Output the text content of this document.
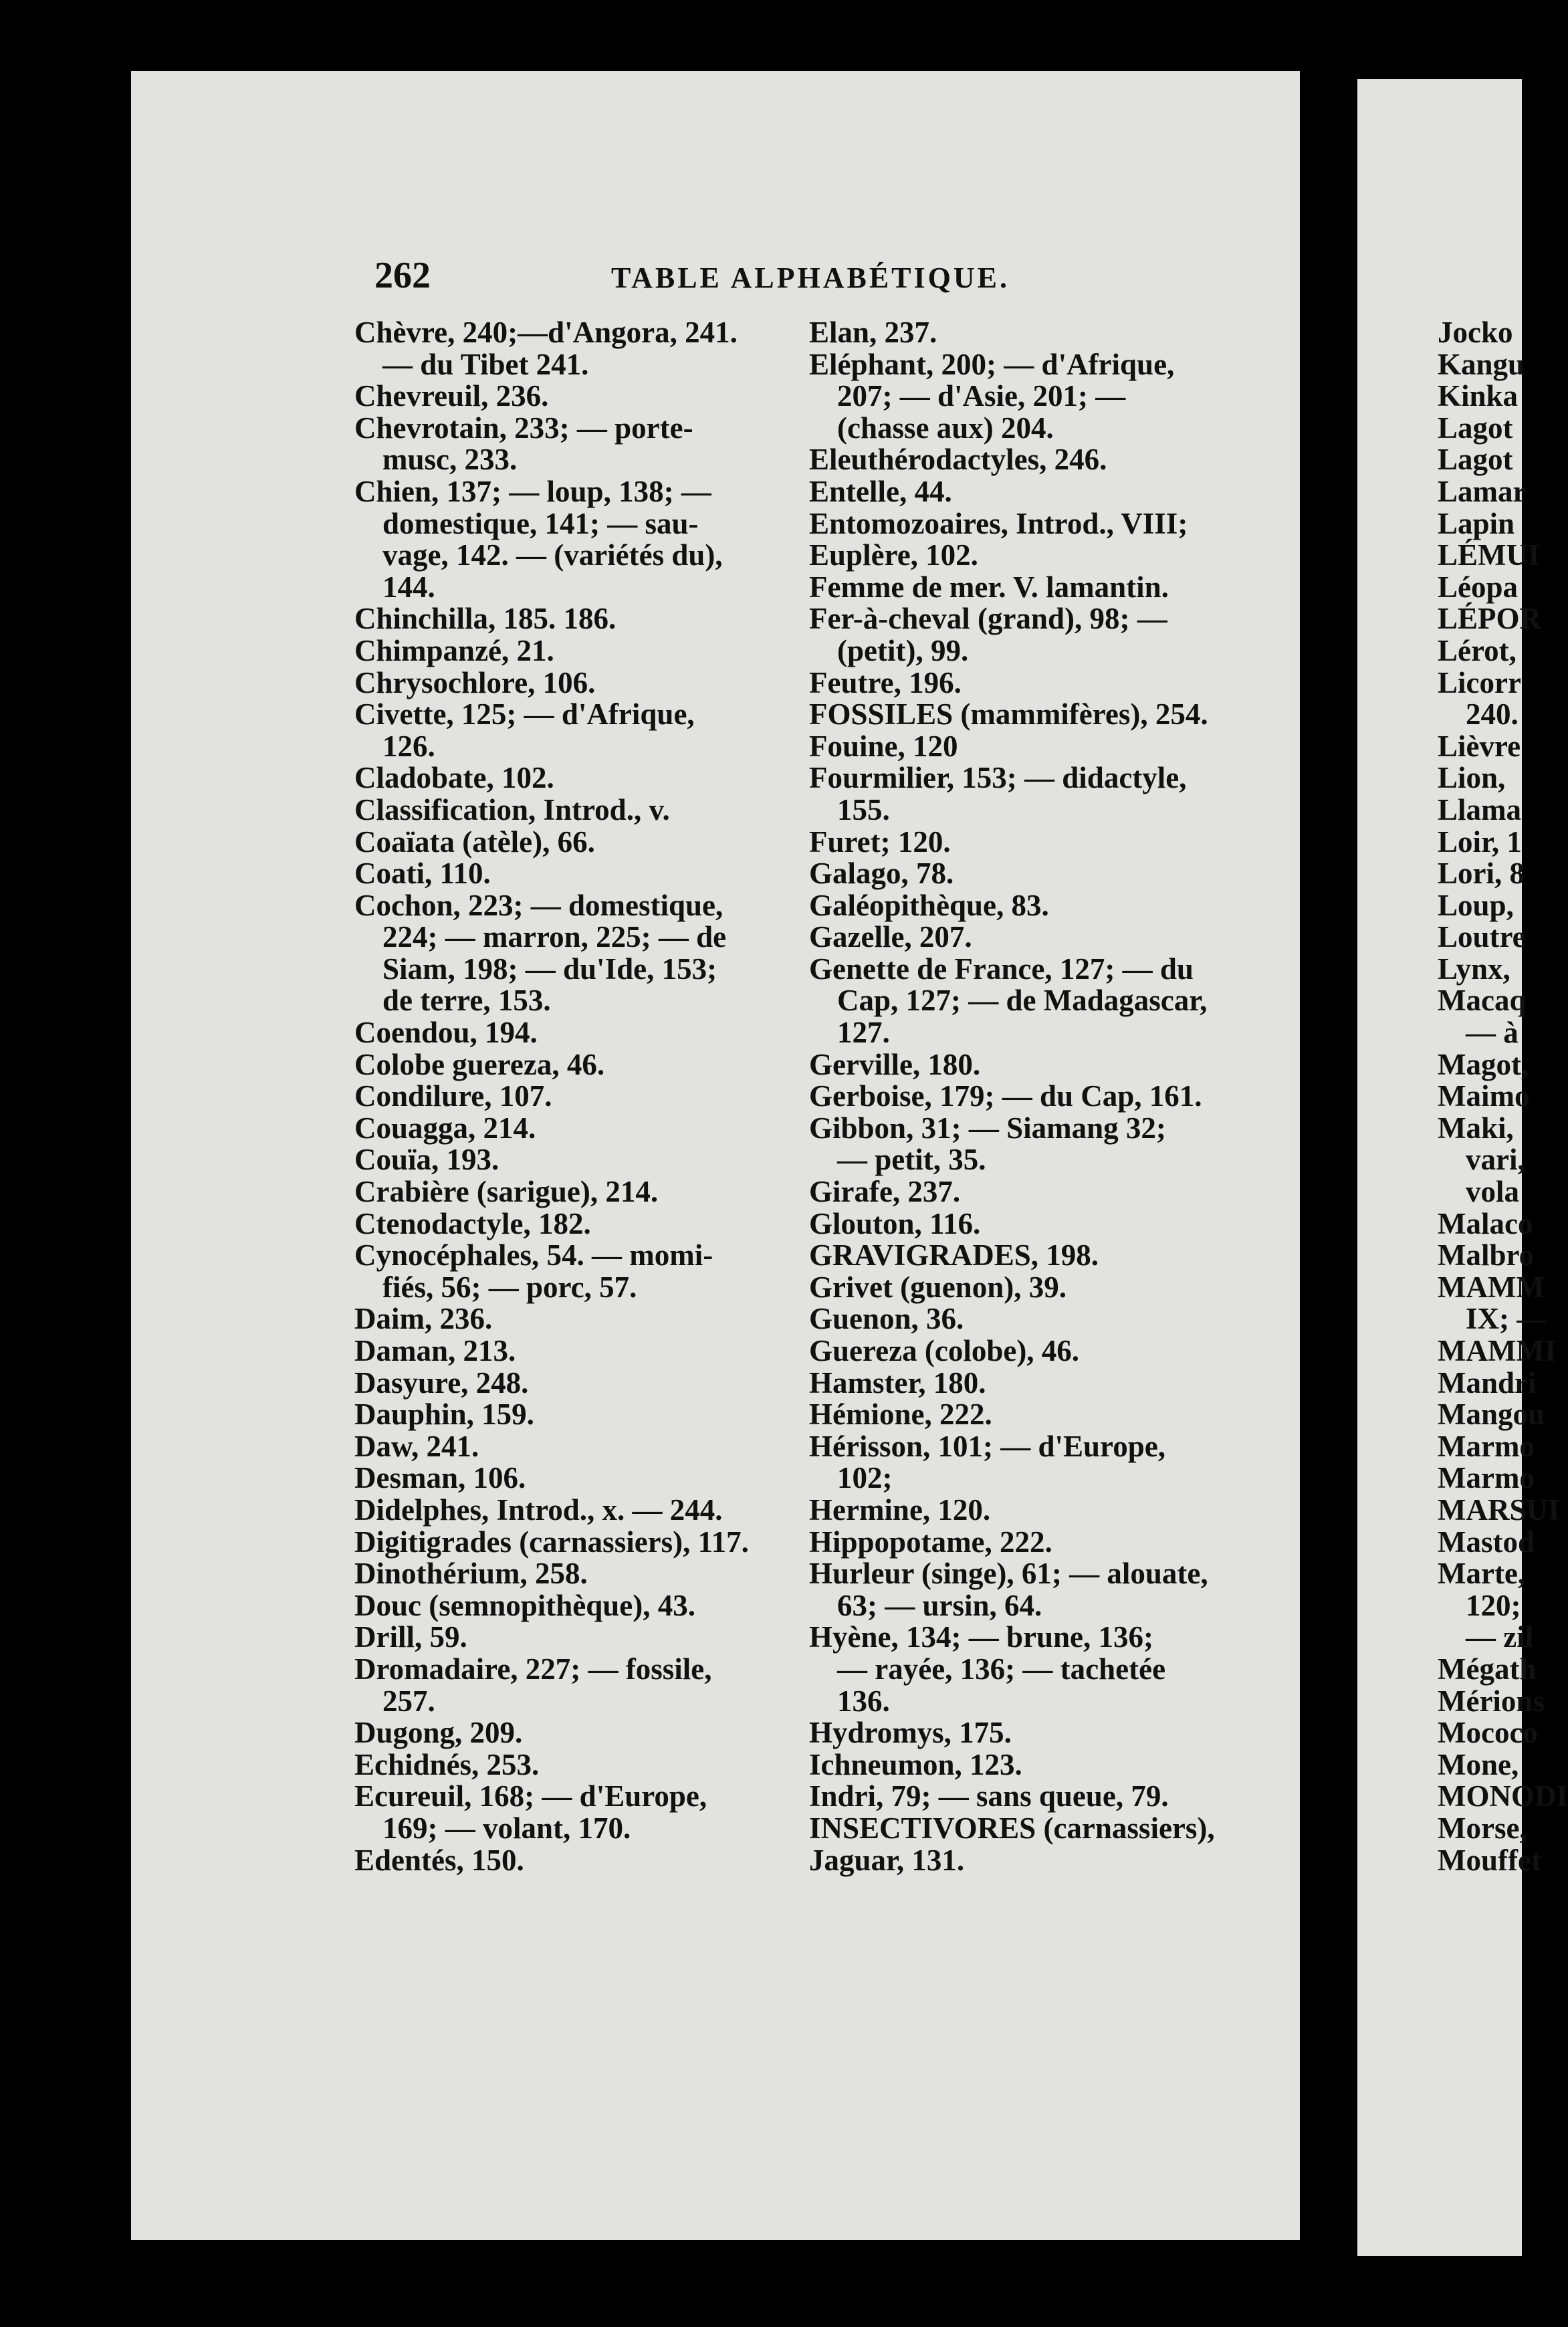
262	TABLE ALPHABÉTIQUE.
Chèvre, 240;—d'Angora, 241.
— du Tibet 241.
Chevreuil, 236.
Chevrotain, 233; — porte-
musc, 233.
Chien, 137; — loup, 138; —
domestique, 141; — sau-
vage, 142. — (variétés du),
144.
Chinchilla, 185. 186.
Chimpanzé, 21.
Chrysochlore, 106.
Civette, 125; — d'Afrique,
126.
Cladobate, 102.
Classification, Introd., v.
Coaïata (atèle), 66.
Coati, 110.
Cochon, 223; — domestique,
224; — marron, 225; — de
Siam, 198; — du'Ide, 153;
de terre, 153.
Coendou, 194.
Colobe guereza, 46.
Condilure, 107.
Couagga, 214.
Couïa, 193.
Crabière (sarigue), 214.
Ctenodactyle, 182.
Cynocéphales, 54. — momi-
fiés, 56; — porc, 57.
Daim, 236.
Daman, 213.
Dasyure, 248.
Dauphin, 159.
Daw, 241.
Desman, 106.
Didelphes, Introd., x. — 244.
Digitigrades (carnassiers), 117.
Dinothérium, 258.
Douc (semnopithèque), 43.
Drill, 59.
Dromadaire, 227; — fossile,
257.
Dugong, 209.
Echidnés, 253.
Ecureuil, 168; — d'Europe,
169; — volant, 170.
Edentés, 150.
Elan, 237.
Eléphant, 200; — d'Afrique,
207; — d'Asie, 201; —
(chasse aux) 204.
Eleuthérodactyles, 246.
Entelle, 44.
Entomozoaires, Introd., VIII;
Euplère, 102.
Femme de mer. V. lamantin.
Fer-à-cheval (grand), 98; —
(petit), 99.
Feutre, 196.
FOSSILES (mammifères), 254.
Fouine, 120
Fourmilier, 153; — didactyle,
155.
Furet; 120.
Galago, 78.
Galéopithèque, 83.
Gazelle, 207.
Genette de France, 127; — du
Cap, 127; — de Madagascar,
127.
Gerville, 180.
Gerboise, 179; — du Cap, 161.
Gibbon, 31; — Siamang 32;
— petit, 35.
Girafe, 237.
Glouton, 116.
GRAVIGRADES, 198.
Grivet (guenon), 39.
Guenon, 36.
Guereza (colobe), 46.
Hamster, 180.
Hémione, 222.
Hérisson, 101; — d'Europe,
102;
Hermine, 120.
Hippopotame, 222.
Hurleur (singe), 61; — alouate,
63; — ursin, 64.
Hyène, 134; — brune, 136;
— rayée, 136; — tachetée
136.
Hydromys, 175.
Ichneumon, 123.
Indri, 79; — sans queue, 79.
INSECTIVORES (carnassiers),
Jaguar, 131.
Jocko
Kangu
Kinka
Lagot
Lagot
Lamar
Lapin
LÉMUI
Léopa
LÉPOR
Lérot,
Licorr
240.
Lièvre
Lion,
Llama
Loir, 1
Lori, 8
Loup,
Loutre
Lynx,
Macaq
— à
Magot,
Maimo
Maki,
vari,
vola
Malaco
Malbro
MAMM
IX; —
MAMMI
Mandri
Mangou
Marmo
Marmo
MARSUI
Mastod
Marte,
120;
— zil
Mégath
Mérions
Mococo
Mone,
MONODI
Morse,
Mouffet
